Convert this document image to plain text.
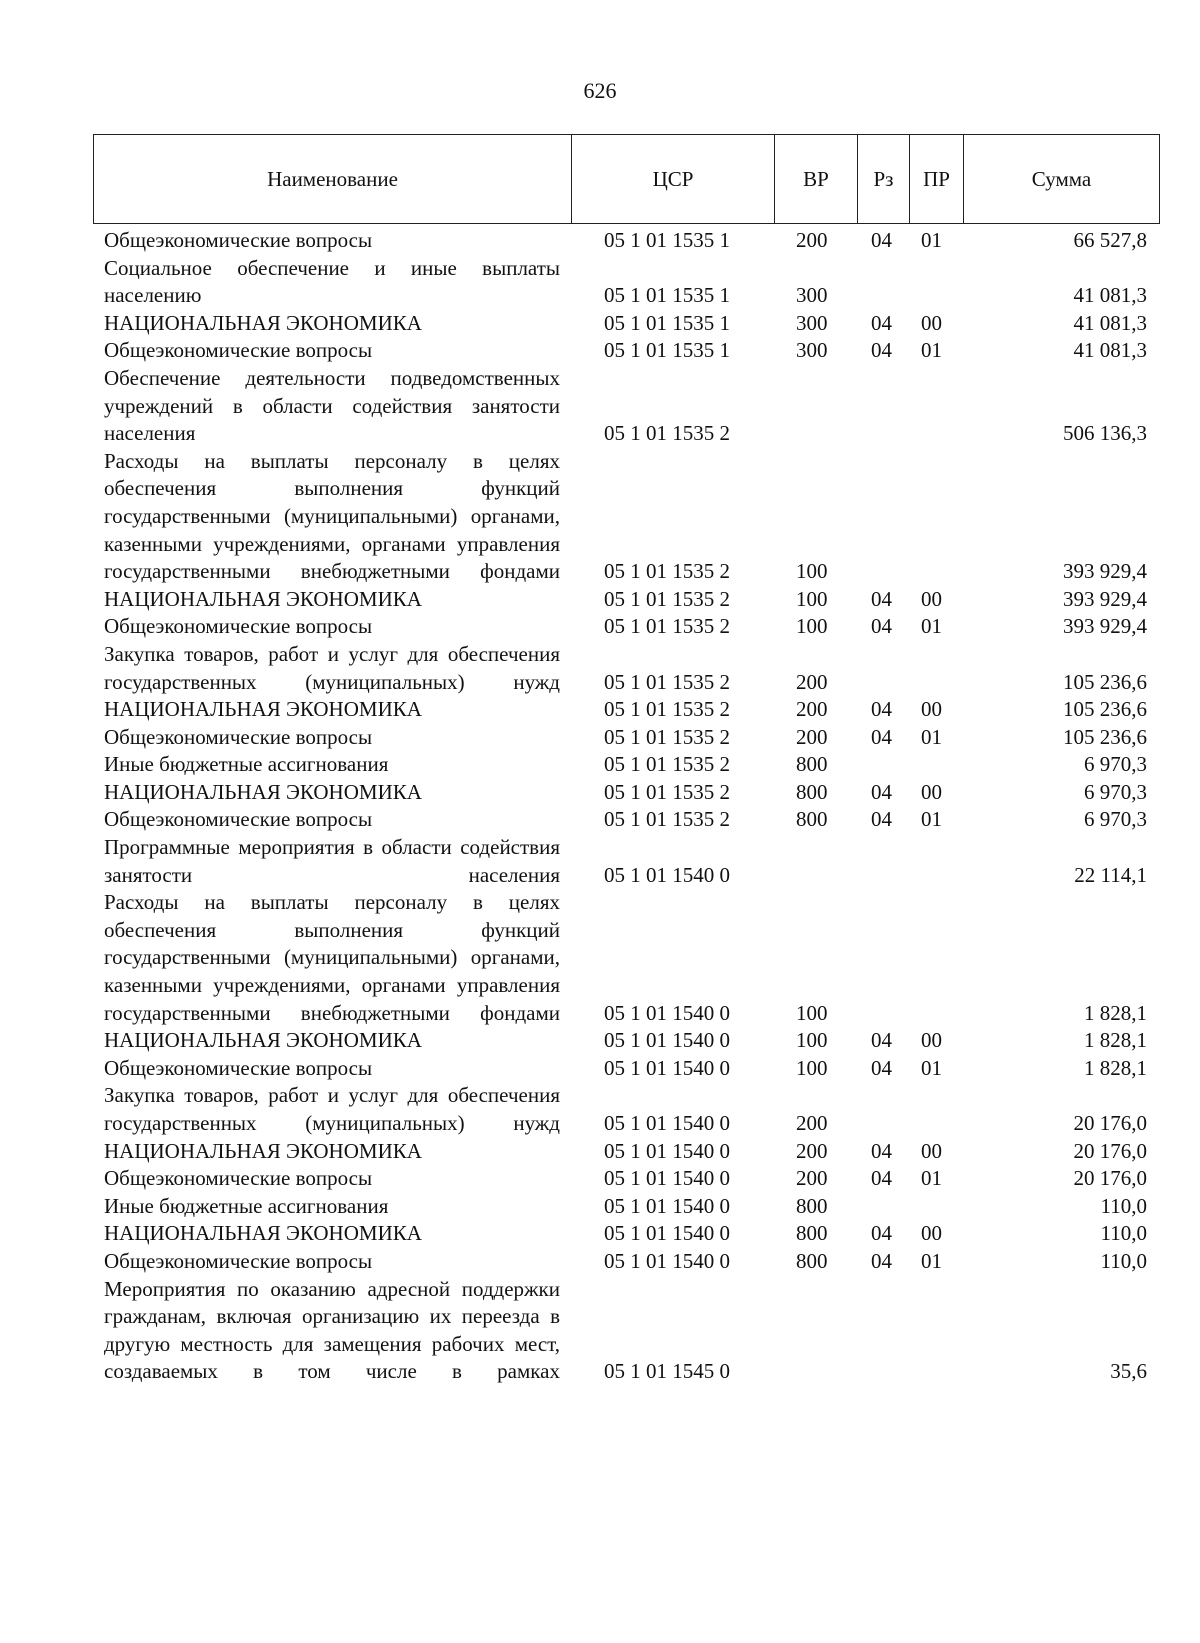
626
Наименование	ЦСР	ВР	Рз	ПР	Сумма
Общеэкономические вопросы	05 1 01 1535 1	200	04	01	66 527,8
Социальное обеспечение и иные выплаты населению	05 1 01 1535 1	300			41 081,3
НАЦИОНАЛЬНАЯ ЭКОНОМИКА	05 1 01 1535 1	300	04	00	41 081,3
Общеэкономические вопросы	05 1 01 1535 1	300	04	01	41 081,3
Обеспечение деятельности подведомственных учреждений в области содействия занятости населения	05 1 01 1535 2				506 136,3
Расходы на выплаты персоналу в целях обеспечения выполнения функций государственными (муниципальными) органами, казенными учреждениями, органами управления государственными внебюджетными фондами	05 1 01 1535 2	100			393 929,4
НАЦИОНАЛЬНАЯ ЭКОНОМИКА	05 1 01 1535 2	100	04	00	393 929,4
Общеэкономические вопросы	05 1 01 1535 2	100	04	01	393 929,4
Закупка товаров, работ и услуг для обеспечения государственных (муниципальных) нужд	05 1 01 1535 2	200			105 236,6
НАЦИОНАЛЬНАЯ ЭКОНОМИКА	05 1 01 1535 2	200	04	00	105 236,6
Общеэкономические вопросы	05 1 01 1535 2	200	04	01	105 236,6
Иные бюджетные ассигнования	05 1 01 1535 2	800			6 970,3
НАЦИОНАЛЬНАЯ ЭКОНОМИКА	05 1 01 1535 2	800	04	00	6 970,3
Общеэкономические вопросы	05 1 01 1535 2	800	04	01	6 970,3
Программные мероприятия в области содействия занятости населения	05 1 01 1540 0				22 114,1
Расходы на выплаты персоналу в целях обеспечения выполнения функций государственными (муниципальными) органами, казенными учреждениями, органами управления государственными внебюджетными фондами	05 1 01 1540 0	100			1 828,1
НАЦИОНАЛЬНАЯ ЭКОНОМИКА	05 1 01 1540 0	100	04	00	1 828,1
Общеэкономические вопросы	05 1 01 1540 0	100	04	01	1 828,1
Закупка товаров, работ и услуг для обеспечения государственных (муниципальных) нужд	05 1 01 1540 0	200			20 176,0
НАЦИОНАЛЬНАЯ ЭКОНОМИКА	05 1 01 1540 0	200	04	00	20 176,0
Общеэкономические вопросы	05 1 01 1540 0	200	04	01	20 176,0
Иные бюджетные ассигнования	05 1 01 1540 0	800			110,0
НАЦИОНАЛЬНАЯ ЭКОНОМИКА	05 1 01 1540 0	800	04	00	110,0
Общеэкономические вопросы	05 1 01 1540 0	800	04	01	110,0
Мероприятия по оказанию адресной поддержки гражданам, включая организацию их переезда в другую местность для замещения рабочих мест, создаваемых в том числе в рамках	05 1 01 1545 0				35,6
